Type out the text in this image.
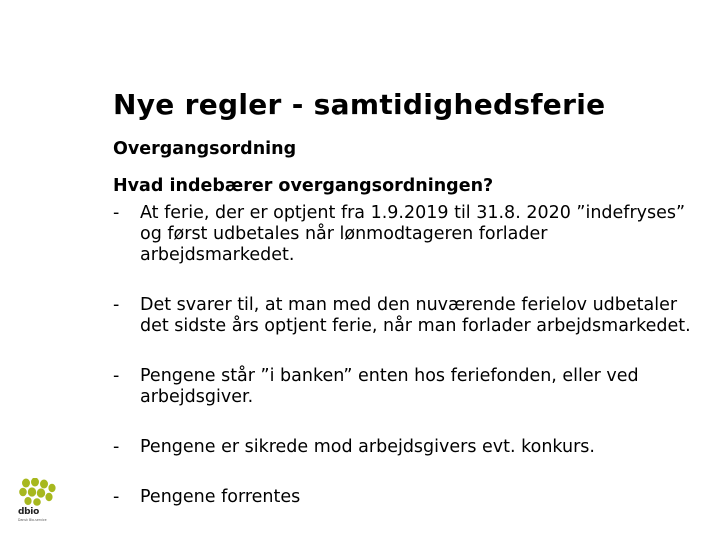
Nye regler - samtidighedsferie
Overgangsordning

Hvad indebærer overgangsordningen?

- At ferie, der er optjent fra 1.9.2019 til 31.8. 2020 ”indefryses” og først udbetales når lønmodtageren forlader arbejdsmarkedet.
- Det svarer til, at man med den nuværende ferielov udbetaler det sidste års optjent ferie, når man forlader arbejdsmarkedet.
- Pengene står ”i banken” enten hos feriefonden, eller ved arbejdsgiver.
- Pengene er sikrede mod arbejdsgivers evt. konkurs.
- Pengene forrentes
dbio
Dansk Bio-service
